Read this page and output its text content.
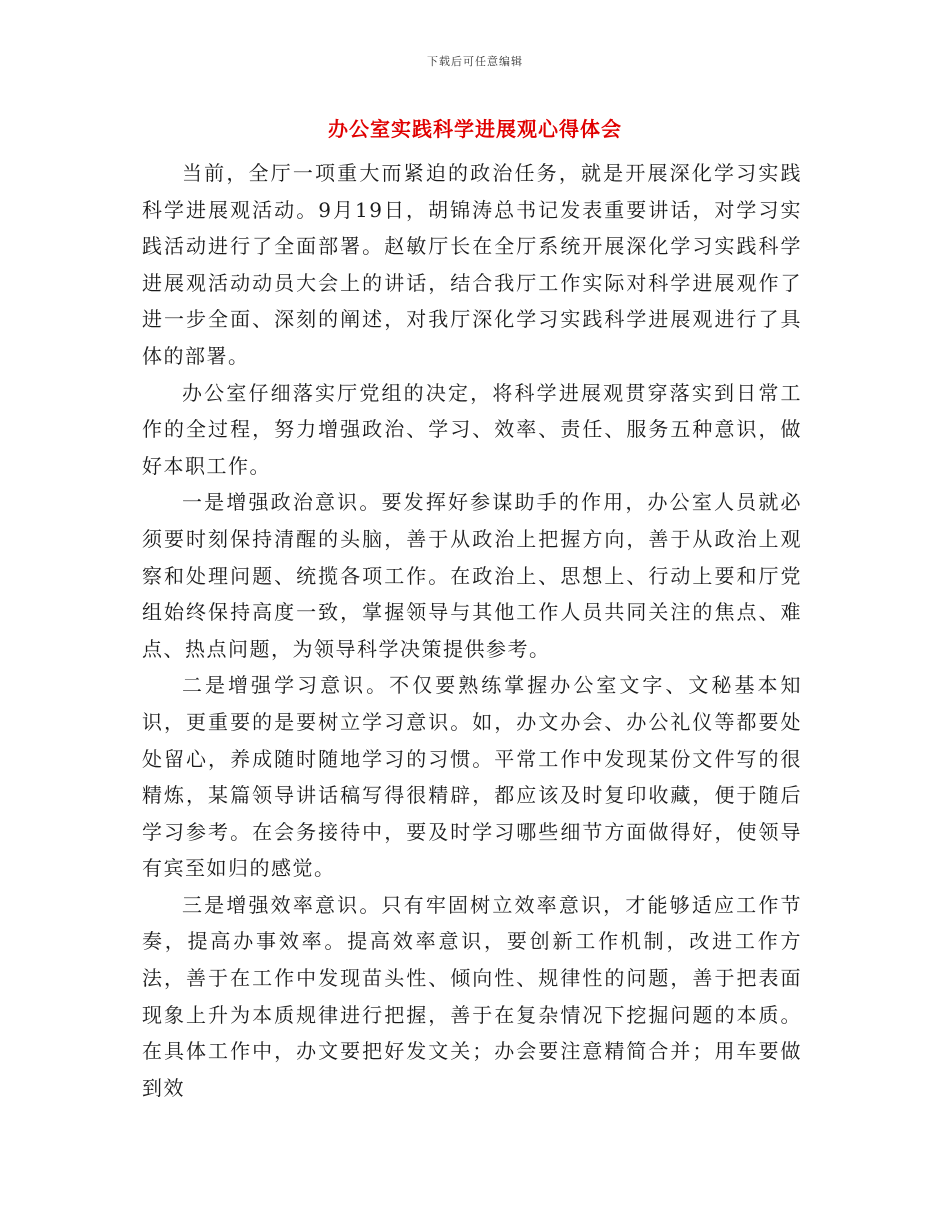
下载后可任意编辑
办公室实践科学进展观心得体会

当前，全厅一项重大而紧迫的政治任务，就是开展深化学习实践科学进展观活动。9月19日，胡锦涛总书记发表重要讲话，对学习实践活动进行了全面部署。赵敏厅长在全厅系统开展深化学习实践科学进展观活动动员大会上的讲话，结合我厅工作实际对科学进展观作了进一步全面、深刻的阐述，对我厅深化学习实践科学进展观进行了具体的部署。

办公室仔细落实厅党组的决定，将科学进展观贯穿落实到日常工作的全过程，努力增强政治、学习、效率、责任、服务五种意识，做好本职工作。

一是增强政治意识。要发挥好参谋助手的作用，办公室人员就必须要时刻保持清醒的头脑，善于从政治上把握方向，善于从政治上观察和处理问题、统揽各项工作。在政治上、思想上、行动上要和厅党组始终保持高度一致，掌握领导与其他工作人员共同关注的焦点、难点、热点问题，为领导科学决策提供参考。

二是增强学习意识。不仅要熟练掌握办公室文字、文秘基本知识，更重要的是要树立学习意识。如，办文办会、办公礼仪等都要处处留心，养成随时随地学习的习惯。平常工作中发现某份文件写的很精炼，某篇领导讲话稿写得很精辟，都应该及时复印收藏，便于随后学习参考。在会务接待中，要及时学习哪些细节方面做得好，使领导有宾至如归的感觉。

三是增强效率意识。只有牢固树立效率意识，才能够适应工作节奏，提高办事效率。提高效率意识，要创新工作机制，改进工作方法，善于在工作中发现苗头性、倾向性、规律性的问题，善于把表面现象上升为本质规律进行把握，善于在复杂情况下挖掘问题的本质。在具体工作中，办文要把好发文关；办会要注意精简合并；用车要做到效
